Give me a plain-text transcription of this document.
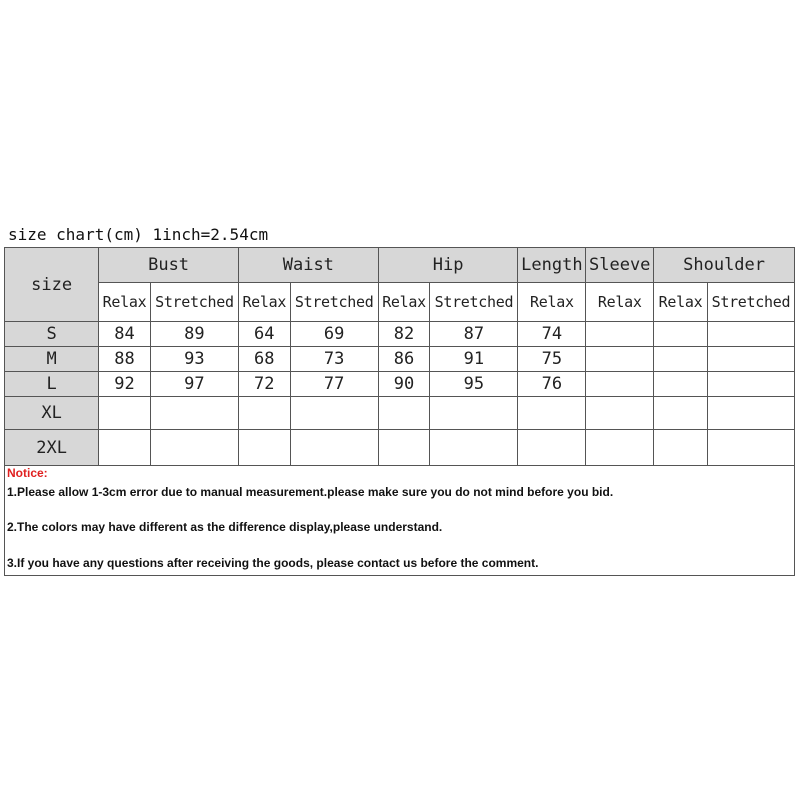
size chart(cm) 1inch=2.54cm
size	Bust		Waist		Hip		Length	Sleeve	Shoulder	
	Relax	Stretched	Relax	Stretched	Relax	Stretched	Relax	Relax	Relax	Stretched
S	84	89	64	69	82	87	74			
M	88	93	68	73	86	91	75			
L	92	97	72	77	90	95	76			
XL										
2XL										
Notice:
1.Please allow 1-3cm error due to manual measurement.please make sure you do not mind before you bid.
2.The colors may have different as the difference display,please understand.
3.If you have any questions after receiving the goods, please contact us before the comment.
